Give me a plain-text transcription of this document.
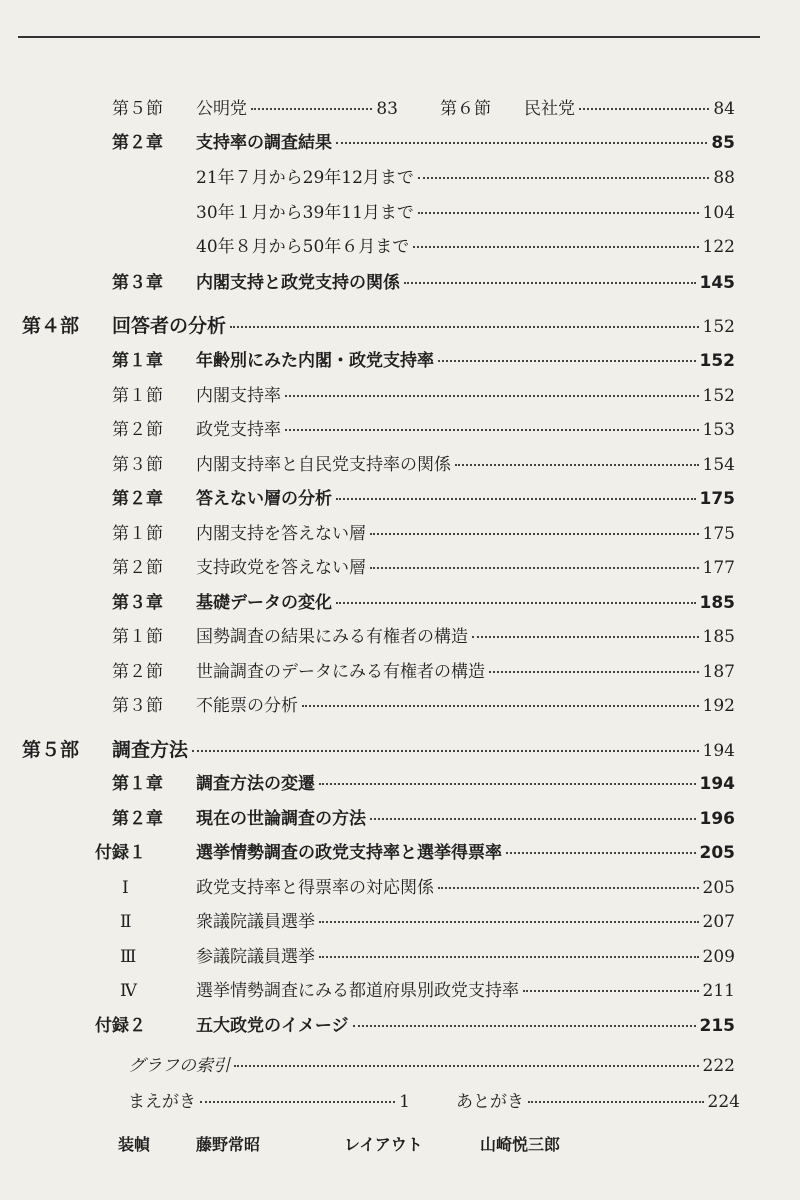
第５節	公明党	83 第６節	民社党	84
第２章	支持率の調査結果	85
21年７月から29年12月まで	88
30年１月から39年11月まで	104
40年８月から50年６月まで	122
第３章	内閣支持と政党支持の関係	145
第４部	回答者の分析	152
第１章	年齢別にみた内閣・政党支持率	152
第１節	内閣支持率	152
第２節	政党支持率	153
第３節	内閣支持率と自民党支持率の関係	154
第２章	答えない層の分析	175
第１節	内閣支持を答えない層	175
第２節	支持政党を答えない層	177
第３章	基礎データの変化	185
第１節	国勢調査の結果にみる有権者の構造	185
第２節	世論調査のデータにみる有権者の構造	187
第３節	不能票の分析	192
第５部	調査方法	194
第１章	調査方法の変遷	194
第２章	現在の世論調査の方法	196
付録１	選挙情勢調査の政党支持率と選挙得票率	205
Ⅰ	政党支持率と得票率の対応関係	205
Ⅱ	衆議院議員選挙	207
Ⅲ	参議院議員選挙	209
Ⅳ	選挙情勢調査にみる都道府県別政党支持率	211
付録２	五大政党のイメージ	215
グラフの索引	222
まえがき	1	あとがき	224
装幀	藤野常昭	レイアウト	山崎悦三郎
